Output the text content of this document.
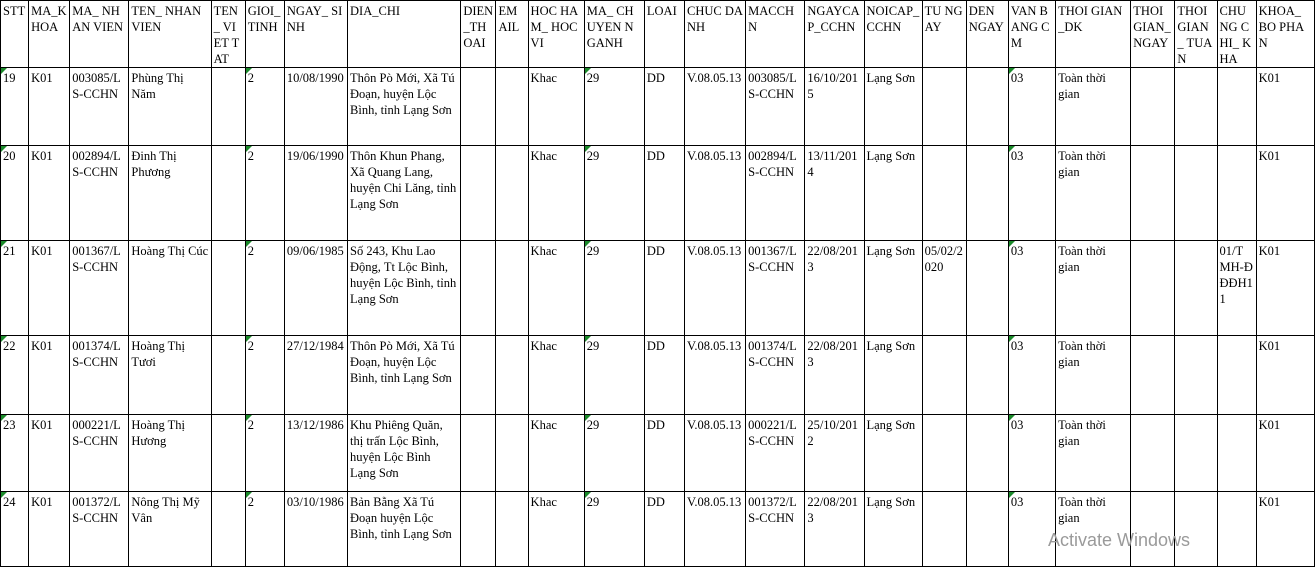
STT	MA_K HOA	MA_ NHAN VIEN	TEN_ NHAN VIEN	TEN_ VIET TAT	GIOI_ TINH	NGAY_ SINH	DIA_CHI	DIEN _TH OAI	EM AIL	HOC HAM_ HOC VI	MA_ CHUYEN NGANH	LOAI	CHUC DANH	MACCH N	NGAYCA P_CCHN	NOICAP_ CCHN	TU NGAY	DEN NGAY	VAN BANG CM	THOI GIAN_DK	THOI GIAN_ NGAY	THOI GIAN_ TUAN	CHU NG CHI_ KHA	KHOA_ BO PHAN
19	K01	003085/LS-CCHN	Phùng Thị Năm		2	10/08/1990	Thôn Pò Mới, Xã Tú Đoạn, huyện Lộc Bình, tỉnh Lạng Sơn			Khac	29	DD	V.08.05.13	003085/LS-CCHN	16/10/2015	Lạng Sơn			03	Toàn thời gian				K01
20	K01	002894/LS-CCHN	Đinh Thị Phương		2	19/06/1990	Thôn Khun Phang, Xã Quang Lang, huyện Chi Lăng, tỉnh Lạng Sơn			Khac	29	DD	V.08.05.13	002894/LS-CCHN	13/11/2014	Lạng Sơn			03	Toàn thời gian				K01
21	K01	001367/LS-CCHN	Hoàng Thị Cúc		2	09/06/1985	Số 243, Khu Lao Động, Tt Lộc Bình, huyện Lộc Bình, tỉnh Lạng Sơn			Khac	29	DD	V.08.05.13	001367/LS-CCHN	22/08/2013	Lạng Sơn	05/02/2020		03	Toàn thời gian			01/TMH-ĐĐĐH11	K01
22	K01	001374/LS-CCHN	Hoàng Thị Tươi		2	27/12/1984	Thôn Pò Mới, Xã Tú Đoạn, huyện Lộc Bình, tỉnh Lạng Sơn			Khac	29	DD	V.08.05.13	001374/LS-CCHN	22/08/2013	Lạng Sơn			03	Toàn thời gian				K01
23	K01	000221/LS-CCHN	Hoàng Thị Hương		2	13/12/1986	Khu Phiêng Quăn, thị trấn Lộc Bình, huyện Lộc Bình Lạng Sơn			Khac	29	DD	V.08.05.13	000221/LS-CCHN	25/10/2012	Lạng Sơn			03	Toàn thời gian				K01
24	K01	001372/LS-CCHN	Nông Thị Mỹ Vân		2	03/10/1986	Bản Bằng Xã Tú Đoạn huyện Lộc Bình, tỉnh Lạng Sơn			Khac	29	DD	V.08.05.13	001372/LS-CCHN	22/08/2013	Lạng Sơn			03	Toàn thời gian				K01
Activate Windows
